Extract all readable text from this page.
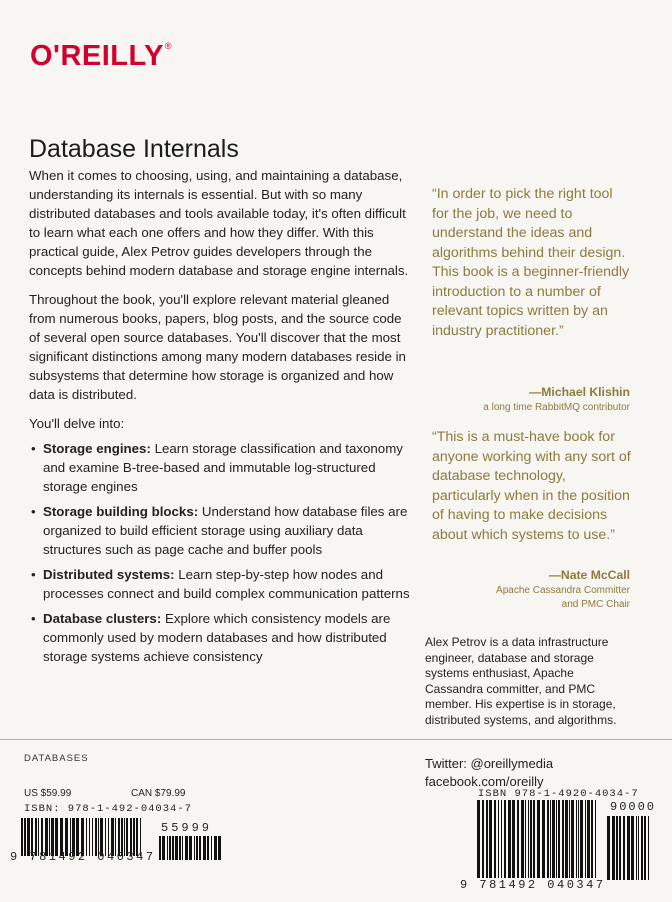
O'REILLY®
Database Internals

When it comes to choosing, using, and maintaining a database, understanding its internals is essential. But with so many distributed databases and tools available today, it's often difficult to learn what each one offers and how they differ. With this practical guide, Alex Petrov guides developers through the concepts behind modern database and storage engine internals.

Throughout the book, you'll explore relevant material gleaned from numerous books, papers, blog posts, and the source code of several open source databases. You'll discover that the most significant distinctions among many modern databases reside in subsystems that determine how storage is organized and how data is distributed.

You'll delve into:

• Storage engines: Learn storage classification and taxonomy and examine B-tree-based and immutable log-structured storage engines
• Storage building blocks: Understand how database files are organized to build efficient storage using auxiliary data structures such as page cache and buffer pools
• Distributed systems: Learn step-by-step how nodes and processes connect and build complex communication patterns
• Database clusters: Explore which consistency models are commonly used by modern databases and how distributed storage systems achieve consistency
“In order to pick the right tool for the job, we need to understand the ideas and algorithms behind their design. This book is a beginner-friendly introduction to a number of relevant topics written by an industry practitioner.”
—Michael Klishin
a long time RabbitMQ contributor
“This is a must-have book for anyone working with any sort of database technology, particularly when in the position of having to make decisions about which systems to use.”
—Nate McCall
Apache Cassandra Committer and PMC Chair
Alex Petrov is a data infrastructure engineer, database and storage systems enthusiast, Apache Cassandra committer, and PMC member. His expertise is in storage, distributed systems, and algorithms.
DATABASES	Twitter: @oreillymedia
facebook.com/oreilly
US $59.99	CAN $79.99
ISBN: 978-1-492-04034-7
ISBN 978-1-4920-4034-7
55999
9 781492 040347
90000
9 781492 040347
